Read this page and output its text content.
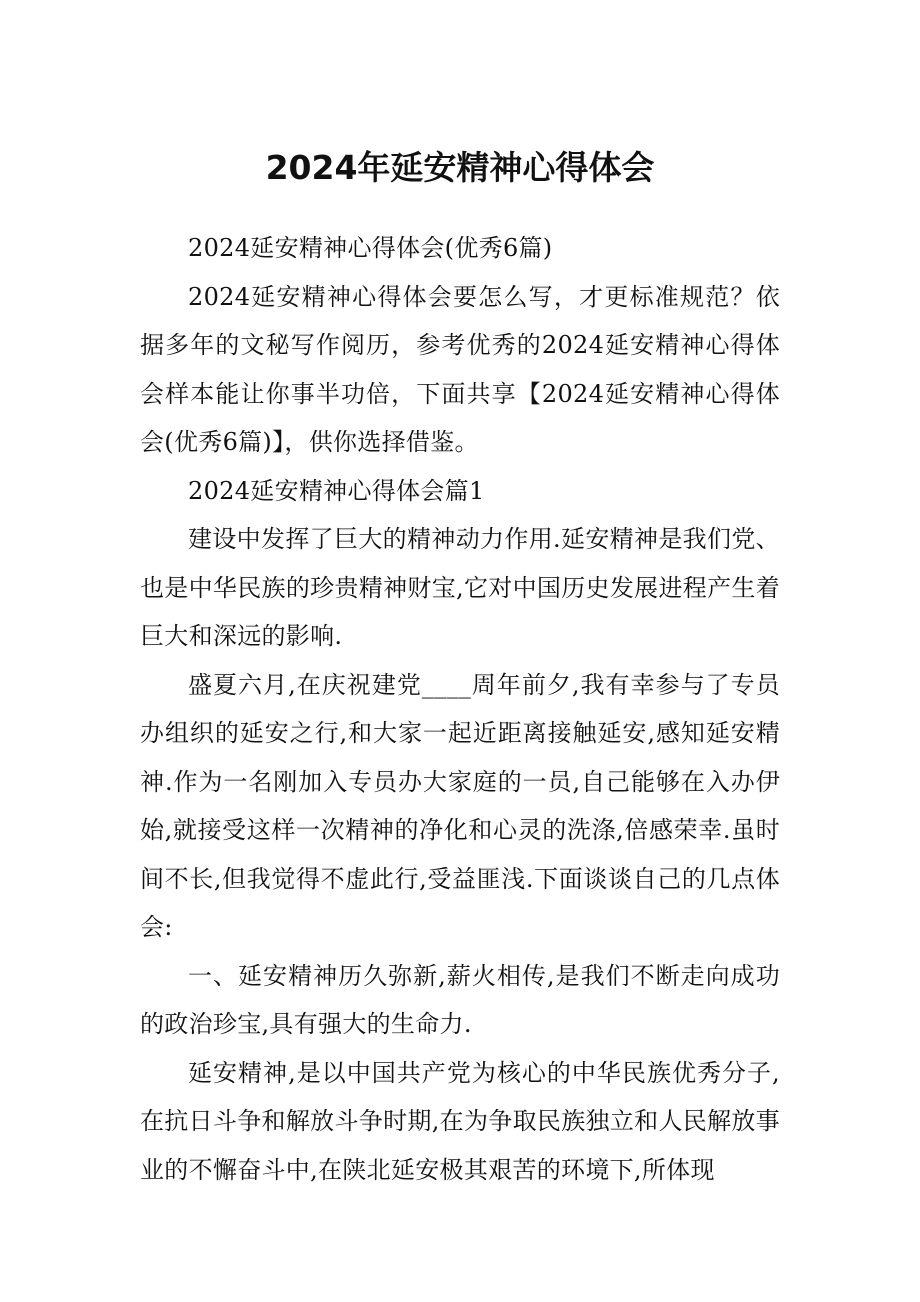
2024年延安精神心得体会

2024延安精神心得体会(优秀6篇)

2024延安精神心得体会要怎么写，才更标准规范？依据多年的文秘写作阅历，参考优秀的2024延安精神心得体会样本能让你事半功倍，下面共享【2024延安精神心得体会(优秀6篇)】，供你选择借鉴。

2024延安精神心得体会篇1

建设中发挥了巨大的精神动力作用.延安精神是我们党、也是中华民族的珍贵精神财宝,它对中国历史发展进程产生着巨大和深远的影响.

盛夏六月,在庆祝建党____周年前夕,我有幸参与了专员办组织的延安之行,和大家一起近距离接触延安,感知延安精神.作为一名刚加入专员办大家庭的一员,自己能够在入办伊始,就接受这样一次精神的净化和心灵的洗涤,倍感荣幸.虽时间不长,但我觉得不虚此行,受益匪浅.下面谈谈自己的几点体会:

一、延安精神历久弥新,薪火相传,是我们不断走向成功的政治珍宝,具有强大的生命力.

延安精神,是以中国共产党为核心的中华民族优秀分子,在抗日斗争和解放斗争时期,在为争取民族独立和人民解放事业的不懈奋斗中,在陕北延安极其艰苦的环境下,所体现
